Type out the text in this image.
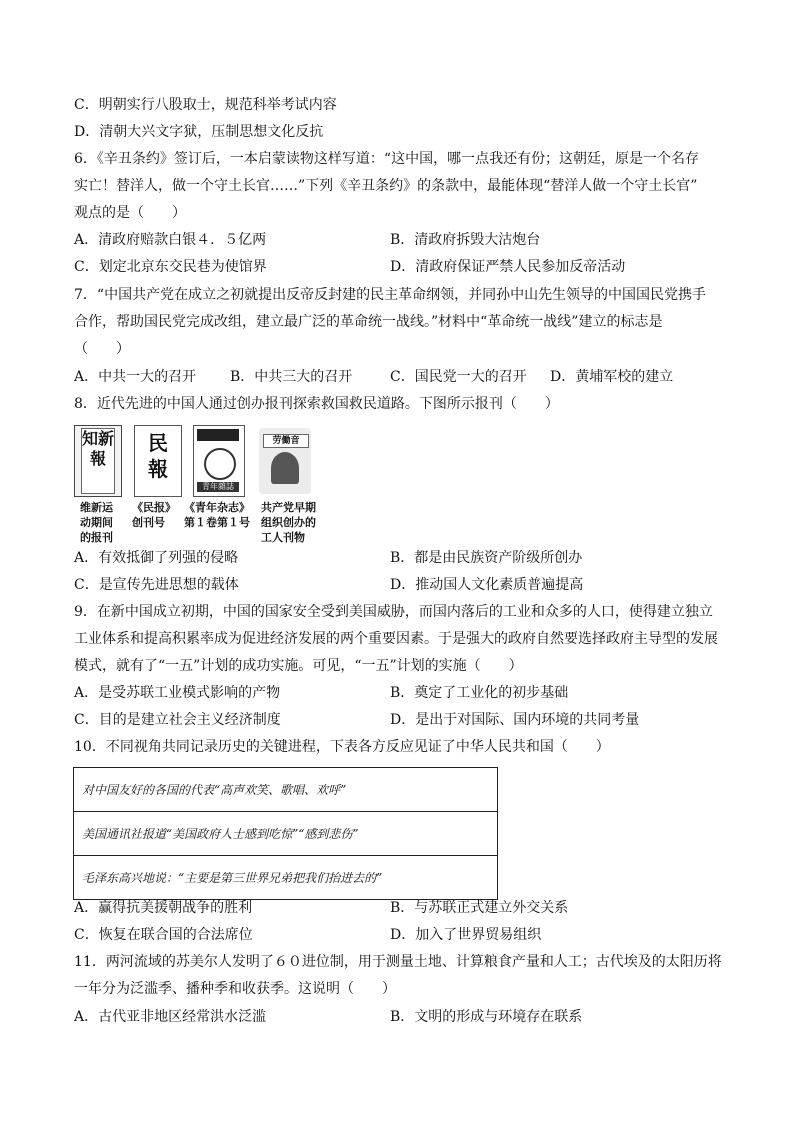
C．明朝实行八股取士，规范科举考试内容
D．清朝大兴文字狱，压制思想文化反抗
6．《辛丑条约》签订后，一本启蒙读物这样写道：“这中国，哪一点我还有份；这朝廷，原是一个名存
实亡！替洋人，做一个守土长官……”下列《辛丑条约》的条款中，最能体现“替洋人做一个守土长官”
观点的是（　　）
A．清政府赔款白银４．５亿两	B．清政府拆毁大沽炮台
C．划定北京东交民巷为使馆界	D．清政府保证严禁人民参加反帝活动
7．“中国共产党在成立之初就提出反帝反封建的民主革命纲领，并同孙中山先生领导的中国国民党携手
合作，帮助国民党完成改组，建立最广泛的革命统一战线。”材料中“革命统一战线”建立的标志是
（　　）
A．中共一大的召开 B．中共三大的召开	C．国民党一大的召开 D．黄埔军校的建立
8．近代先进的中国人通过创办报刊探索救国救民道路。下图所示报刊（　　）
知新報
维新运
动期间
的报刊
民報
《民报》
创刊号
青年雜誌
《青年杂志》
第１卷第１号
劳働音
共产党早期
组织创办的
工人刊物
A．有效抵御了列强的侵略	B．都是由民族资产阶级所创办
C．是宣传先进思想的载体	D．推动国人文化素质普遍提高
9．在新中国成立初期，中国的国家安全受到美国威胁，而国内落后的工业和众多的人口，使得建立独立
工业体系和提高积累率成为促进经济发展的两个重要因素。于是强大的政府自然要选择政府主导型的发展
模式，就有了“一五”计划的成功实施。可见，“一五”计划的实施（　　）
A．是受苏联工业模式影响的产物	B．奠定了工业化的初步基础
C．目的是建立社会主义经济制度	D．是出于对国际、国内环境的共同考量
10．不同视角共同记录历史的关键进程，下表各方反应见证了中华人民共和国（　　）
对中国友好的各国的代表“高声欢笑、歌唱、欢呼”
美国通讯社报道“美国政府人士感到吃惊”“感到悲伤”
毛泽东高兴地说：“主要是第三世界兄弟把我们抬进去的”
A．赢得抗美援朝战争的胜利	B．与苏联正式建立外交关系
C．恢复在联合国的合法席位	D．加入了世界贸易组织
11．两河流域的苏美尔人发明了６０进位制，用于测量土地、计算粮食产量和人工；古代埃及的太阳历将
一年分为泛滥季、播种季和收获季。这说明（　　）
A．古代亚非地区经常洪水泛滥	B．文明的形成与环境存在联系
